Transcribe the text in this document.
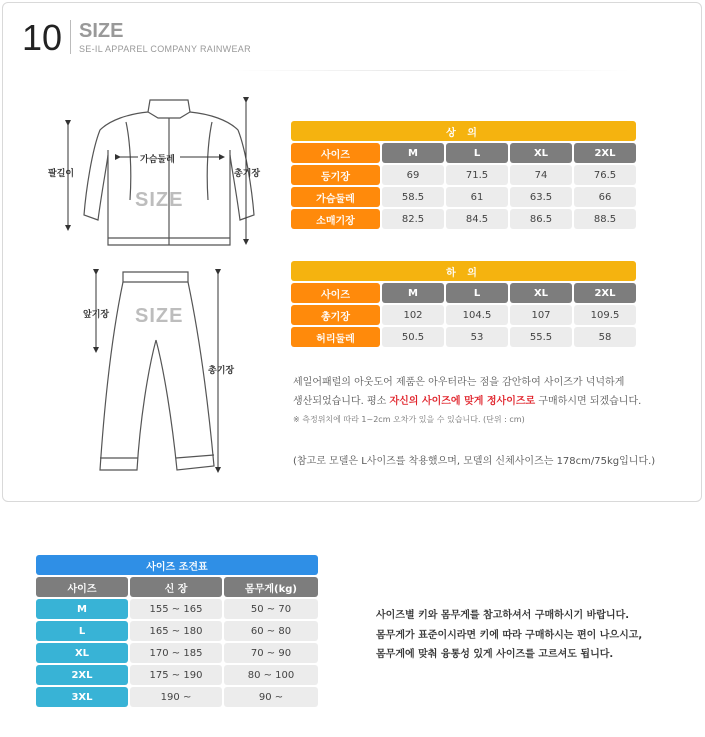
10 SIZE
SE-IL APPAREL COMPANY RAINWEAR
SIZE
가슴둘레
팔길이	총기장
SIZE
앞기장
총기장
상 의				
사이즈	M	L	XL	2XL
등기장	69	71.5	74	76.5
가슴둘레	58.5	61	63.5	66
소매기장	82.5	84.5	86.5	88.5
하 의				
사이즈	M	L	XL	2XL
총기장	102	104.5	107	109.5
허리둘레	50.5	53	55.5	58
세일어패럴의 아웃도어 제품은 아우터라는 점을 감안하여 사이즈가 넉넉하게
생산되었습니다. 평소 자신의 사이즈에 맞게 정사이즈로 구매하시면 되겠습니다.
※ 측정위치에 따라 1~2cm 오차가 있을 수 있습니다. (단위 : cm)
(참고로 모델은 L사이즈를 착용했으며, 모델의 신체사이즈는 178cm/75kg입니다.)
사이즈 조견표		
사이즈	신 장	몸무게(kg)
M	155 ~ 165	50 ~ 70
L	165 ~ 180	60 ~ 80
XL	170 ~ 185	70 ~ 90
2XL	175 ~ 190	80 ~ 100
3XL	190 ~	90 ~
사이즈별 키와 몸무게를 참고하셔서 구매하시기 바랍니다.
몸무게가 표준이시라면 키에 따라 구매하시는 편이 나으시고,
몸무게에 맞춰 융통성 있게 사이즈를 고르셔도 됩니다.
